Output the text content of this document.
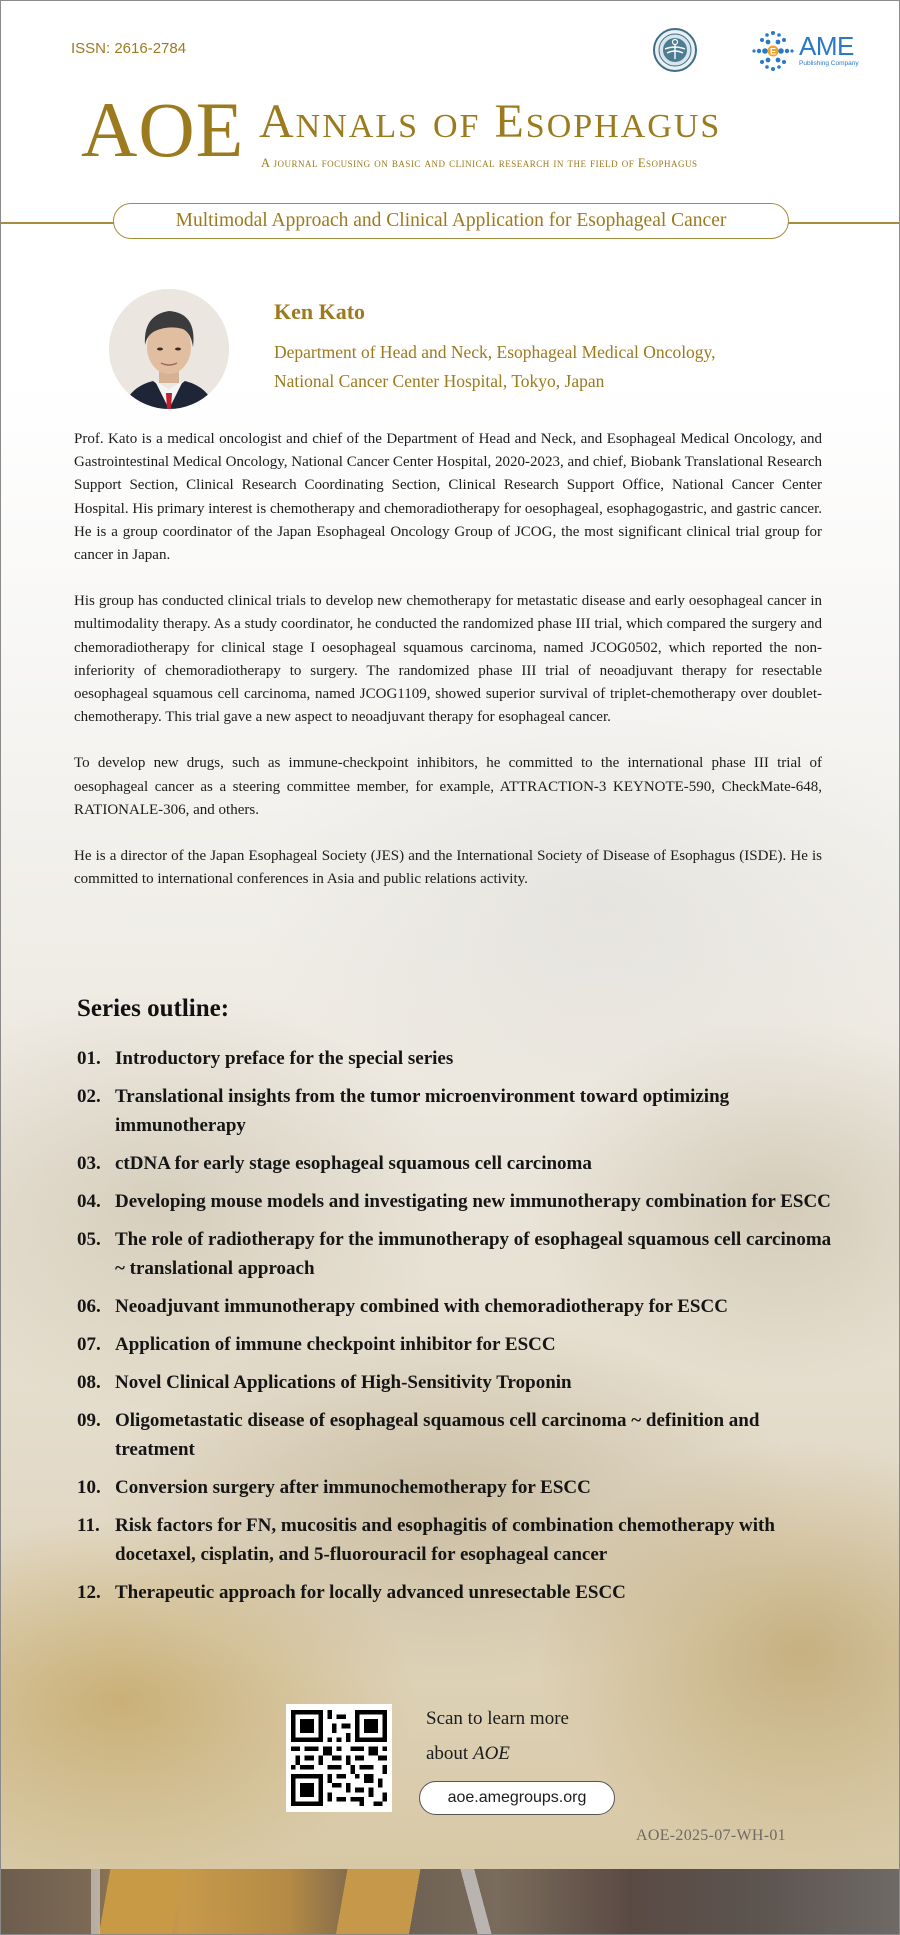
ISSN: 2616-2784	E AME
Publishing Company
AOE Annals of Esophagus
A journal focusing on basic and clinical research in the field of Esophagus
Multimodal Approach and Clinical Application for Esophageal Cancer
Ken Kato
Department of Head and Neck, Esophageal Medical Oncology,
National Cancer Center Hospital, Tokyo, Japan

Prof. Kato is a medical oncologist and chief of the Department of Head and Neck, and Esophageal Medical Oncology, and Gastrointestinal Medical Oncology, National Cancer Center Hospital, 2020-2023, and chief, Biobank Translational Research Support Section, Clinical Research Coordinating Section, Clinical Research Support Office, National Cancer Center Hospital. His primary interest is chemotherapy and chemoradiotherapy for oesophageal, esophagogastric, and gastric cancer. He is a group coordinator of the Japan Esophageal Oncology Group of JCOG, the most significant clinical trial group for cancer in Japan.

His group has conducted clinical trials to develop new chemotherapy for metastatic disease and early oesophageal cancer in multimodality therapy. As a study coordinator, he conducted the randomized phase III trial, which compared the surgery and chemoradiotherapy for clinical stage I oesophageal squamous carcinoma, named JCOG0502, which reported the non-inferiority of chemoradiotherapy to surgery. The randomized phase III trial of neoadjuvant therapy for resectable oesophageal squamous cell carcinoma, named JCOG1109, showed superior survival of triplet-chemotherapy over doublet-chemotherapy. This trial gave a new aspect to neoadjuvant therapy for esophageal cancer.

To develop new drugs, such as immune-checkpoint inhibitors, he committed to the international phase III trial of oesophageal cancer as a steering committee member, for example, ATTRACTION-3 KEYNOTE-590, CheckMate-648, RATIONALE-306, and others.

He is a director of the Japan Esophageal Society (JES) and the International Society of Disease of Esophagus (ISDE). He is committed to international conferences in Asia and public relations activity.

Series outline:
01. Introductory preface for the special series
02. Translational insights from the tumor microenvironment toward optimizing immunotherapy
03. ctDNA for early stage esophageal squamous cell carcinoma
04. Developing mouse models and investigating new immunotherapy combination for ESCC
05. The role of radiotherapy for the immunotherapy of esophageal squamous cell carcinoma ~ translational approach
06. Neoadjuvant immunotherapy combined with chemoradiotherapy for ESCC
07. Application of immune checkpoint inhibitor for ESCC
08. Novel Clinical Applications of High-Sensitivity Troponin
09. Oligometastatic disease of esophageal squamous cell carcinoma ~ definition and treatment
10. Conversion surgery after immunochemotherapy for ESCC
11. Risk factors for FN, mucositis and esophagitis of combination chemotherapy with docetaxel, cisplatin, and 5-fluorouracil for esophageal cancer
12. Therapeutic approach for locally advanced unresectable ESCC
Scan to learn more
about AOE
aoe.amegroups.org
AOE-2025-07-WH-01
